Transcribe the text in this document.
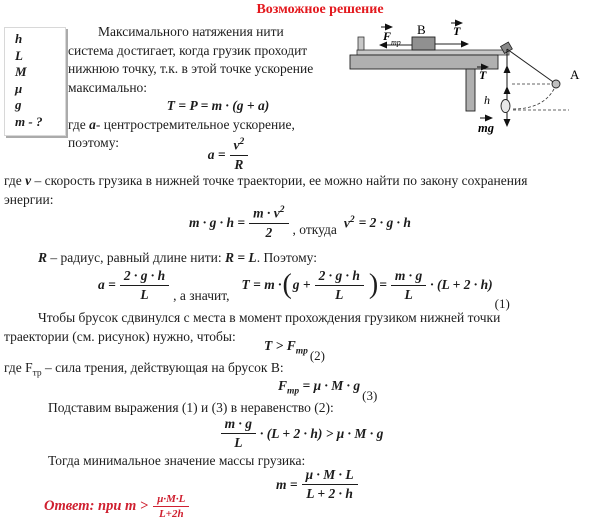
Возможное решение
h
L
M
μ
g
m - ?
Максимального натяжения нити
система достигает, когда грузик проходит
нижнюю точку, т.к. в этой точке ускорение
максимально:
T = P = m · (g + a)
где a- центростремительное ускорение,
поэтому:
$a = \frac{v^2}{R}$
где v – скорость грузика в нижней точке траектории, ее можно найти по закону сохранения
энергии:
$m \cdot g \cdot h = \frac{m \cdot v^2}{2}$ , откуда $v^2 = 2 \cdot g \cdot h$
R – радиус, равный длине нити: R = L. Поэтому:
$a = \frac{2 \cdot g \cdot h}{L}$ , а значит,
T = m · ( $g + \frac{2 \cdot g \cdot h}{L}$ ) = $\frac{m \cdot g}{L} \cdot (L + 2 \cdot h)$
(1)
Чтобы брусок сдвинулся с места в момент прохождения грузиком нижней точки
траектории (см. рисунок) нужно, чтобы:
$T > F_{тр}$ (2)
где $F_{тр}$ – сила трения, действующая на брусок B:
$F_{тр} = \mu \cdot M \cdot g$
(3)
Подставим выражения (1) и (3) в неравенство (2):
$\frac{m \cdot g}{L} \cdot (L + 2 \cdot h) > \mu \cdot M \cdot g$
Тогда минимальное значение массы грузика:
$m = \frac{\mu \cdot M \cdot L}{L + 2 \cdot h}$
Ответ: при $m > \frac{\mu\cdot M\cdot L}{L+2h}$
B
F тр
T
T
h
A
mg
